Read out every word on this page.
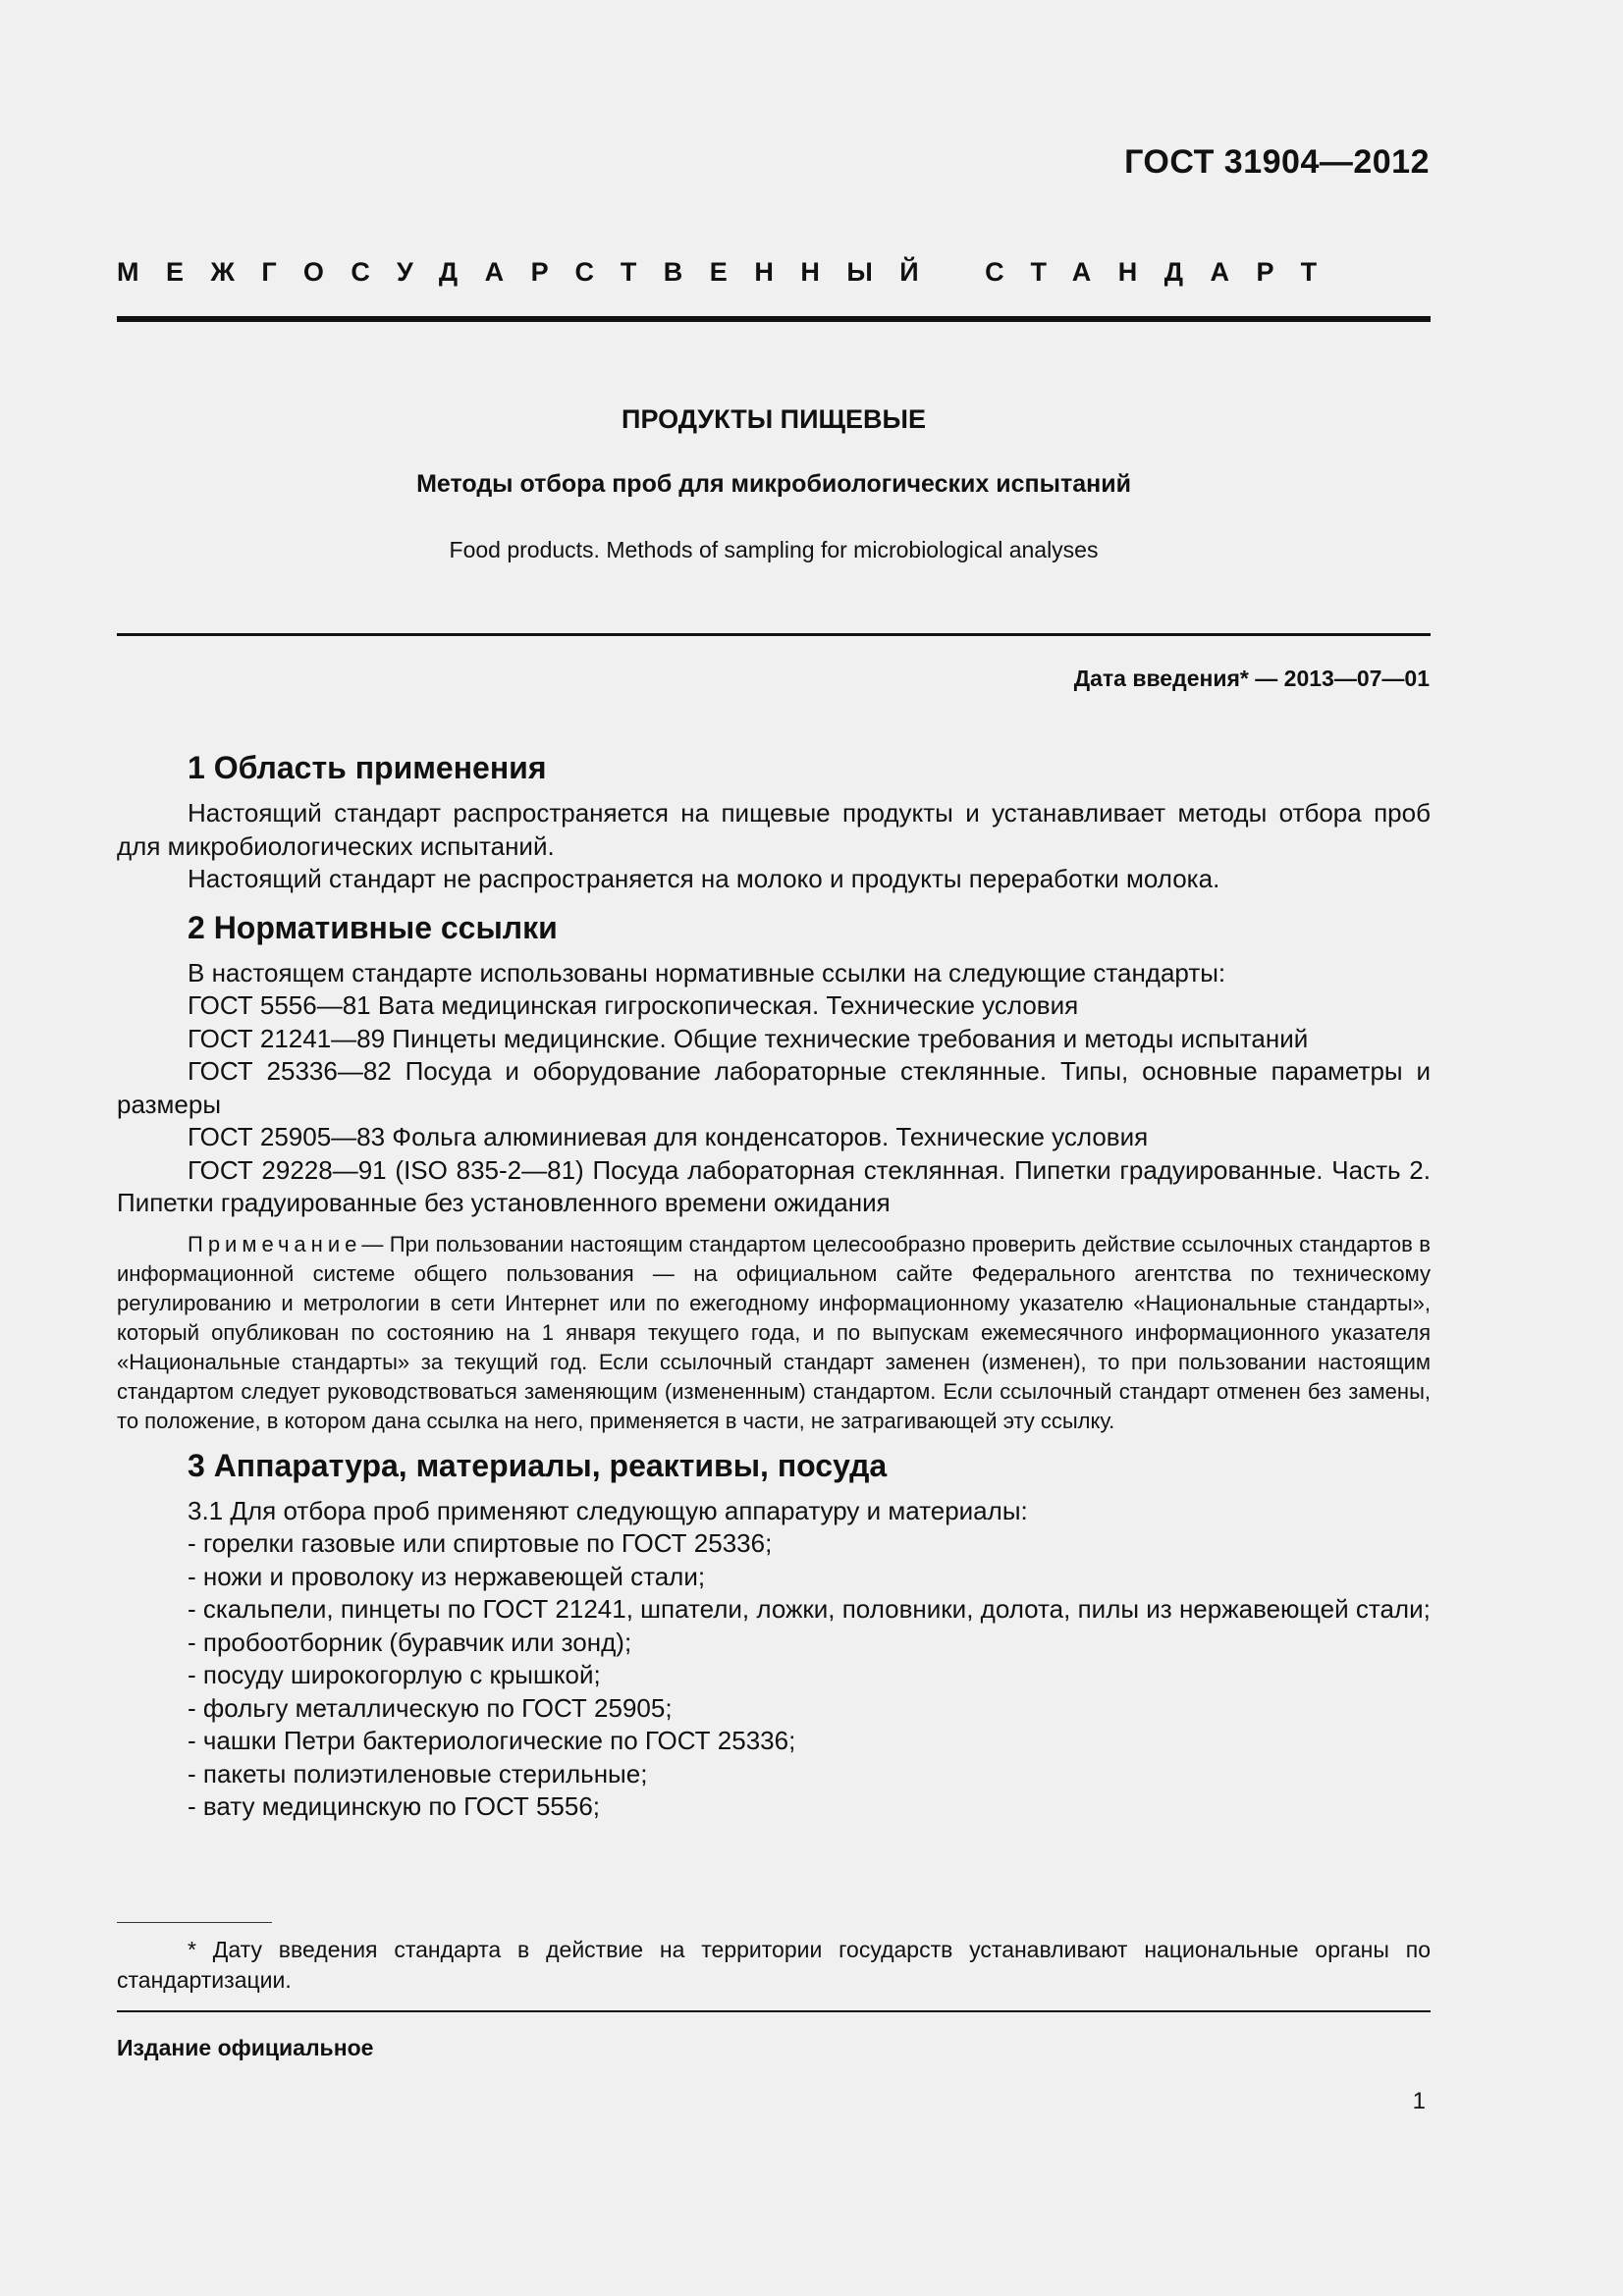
ГОСТ 31904—2012
МЕЖГОСУДАРСТВЕННЫЙ СТАНДАРТ
ПРОДУКТЫ ПИЩЕВЫЕ
Методы отбора проб для микробиологических испытаний
Food products. Methods of sampling for microbiological analyses
Дата введения* — 2013—07—01
1 Область применения

Настоящий стандарт распространяется на пищевые продукты и устанавливает методы отбора проб для микробиологических испытаний.

Настоящий стандарт не распространяется на молоко и продукты переработки молока.

2 Нормативные ссылки

В настоящем стандарте использованы нормативные ссылки на следующие стандарты:

ГОСТ 5556—81 Вата медицинская гигроскопическая. Технические условия

ГОСТ 21241—89 Пинцеты медицинские. Общие технические требования и методы испытаний

ГОСТ 25336—82 Посуда и оборудование лабораторные стеклянные. Типы, основные параметры и размеры

ГОСТ 25905—83 Фольга алюминиевая для конденсаторов. Технические условия

ГОСТ 29228—91 (ISO 835-2—81) Посуда лабораторная стеклянная. Пипетки градуированные. Часть 2. Пипетки градуированные без установленного времени ожидания

Примечание— При пользовании настоящим стандартом целесообразно проверить действие ссылочных стандартов в информационной системе общего пользования — на официальном сайте Федерального агентства по техническому регулированию и метрологии в сети Интернет или по ежегодному информационному указателю «Национальные стандарты», который опубликован по состоянию на 1 января текущего года, и по выпускам ежемесячного информационного указателя «Национальные стандарты» за текущий год. Если ссылочный стандарт заменен (изменен), то при пользовании настоящим стандартом следует руководствоваться заменяющим (измененным) стандартом. Если ссылочный стандарт отменен без замены, то положение, в котором дана ссылка на него, применяется в части, не затрагивающей эту ссылку.

3 Аппаратура, материалы, реактивы, посуда

3.1 Для отбора проб применяют следующую аппаратуру и материалы:

- горелки газовые или спиртовые по ГОСТ 25336;

- ножи и проволоку из нержавеющей стали;

- скальпели, пинцеты по ГОСТ 21241, шпатели, ложки, половники, долота, пилы из нержавеющей стали;

- пробоотборник (буравчик или зонд);

- посуду широкогорлую с крышкой;

- фольгу металлическую по ГОСТ 25905;

- чашки Петри бактериологические по ГОСТ 25336;

- пакеты полиэтиленовые стерильные;

- вату медицинскую по ГОСТ 5556;

* Дату введения стандарта в действие на территории государств устанавливают национальные органы по стандартизации.
Издание официальное
1
